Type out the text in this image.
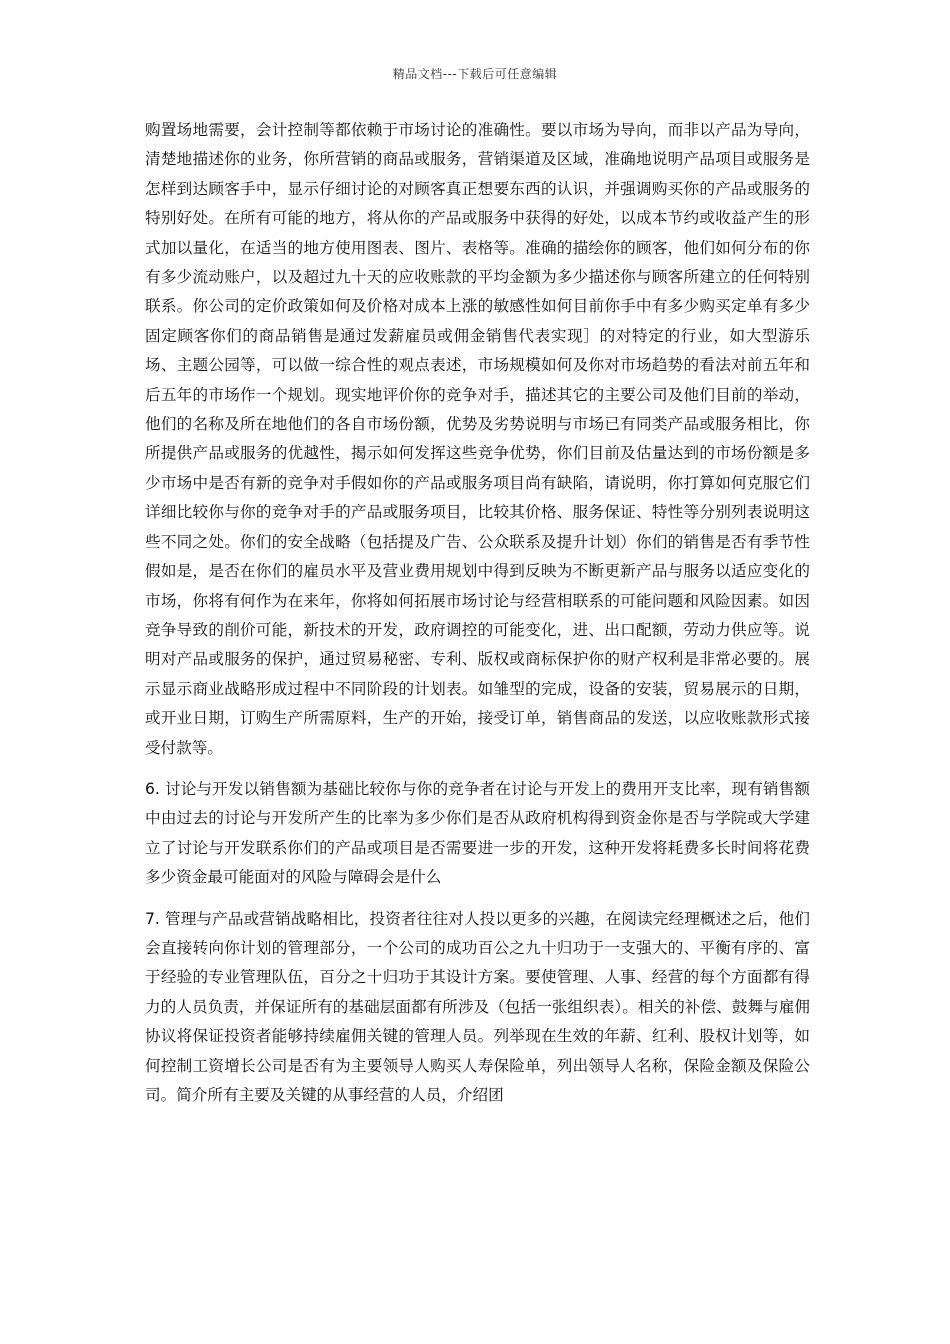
精品文档---下载后可任意编辑

购置场地需要，会计控制等都依赖于市场讨论的准确性。要以市场为导向，而非以产品为导向，清楚地描述你的业务，你所营销的商品或服务，营销渠道及区域，准确地说明产品项目或服务是怎样到达顾客手中，显示仔细讨论的对顾客真正想要东西的认识，并强调购买你的产品或服务的特别好处。在所有可能的地方，将从你的产品或服务中获得的好处，以成本节约或收益产生的形式加以量化，在适当的地方使用图表、图片、表格等。准确的描绘你的顾客，他们如何分布的你有多少流动账户，以及超过九十天的应收账款的平均金额为多少描述你与顾客所建立的任何特别联系。你公司的定价政策如何及价格对成本上涨的敏感性如何目前你手中有多少购买定单有多少固定顾客你们的商品销售是通过发薪雇员或佣金销售代表实现］的对特定的行业，如大型游乐场、主题公园等，可以做一综合性的观点表述，市场规模如何及你对市场趋势的看法对前五年和后五年的市场作一个规划。现实地评价你的竞争对手，描述其它的主要公司及他们目前的举动，他们的名称及所在地他们的各自市场份额，优势及劣势说明与市场已有同类产品或服务相比，你所提供产品或服务的优越性，揭示如何发挥这些竞争优势，你们目前及估量达到的市场份额是多少市场中是否有新的竞争对手假如你的产品或服务项目尚有缺陷，请说明，你打算如何克服它们详细比较你与你的竞争对手的产品或服务项目，比较其价格、服务保证、特性等分别列表说明这些不同之处。你们的安全战略（包括提及广告、公众联系及提升计划）你们的销售是否有季节性假如是，是否在你们的雇员水平及营业费用规划中得到反映为不断更新产品与服务以适应变化的市场，你将有何作为在来年，你将如何拓展市场讨论与经营相联系的可能问题和风险因素。如因竞争导致的削价可能，新技术的开发，政府调控的可能变化，进、出口配额，劳动力供应等。说明对产品或服务的保护，通过贸易秘密、专利、版权或商标保护你的财产权利是非常必要的。展示显示商业战略形成过程中不同阶段的计划表。如雏型的完成，设备的安装，贸易展示的日期，或开业日期，订购生产所需原料，生产的开始，接受订单，销售商品的发送，以应收账款形式接受付款等。

6. 讨论与开发以销售额为基础比较你与你的竞争者在讨论与开发上的费用开支比率，现有销售额中由过去的讨论与开发所产生的比率为多少你们是否从政府机构得到资金你是否与学院或大学建立了讨论与开发联系你们的产品或项目是否需要进一步的开发，这种开发将耗费多长时间将花费多少资金最可能面对的风险与障碍会是什么

7. 管理与产品或营销战略相比，投资者往往对人投以更多的兴趣，在阅读完经理概述之后，他们会直接转向你计划的管理部分，一个公司的成功百公之九十归功于一支强大的、平衡有序的、富于经验的专业管理队伍，百分之十归功于其设计方案。要使管理、人事、经营的每个方面都有得力的人员负责，并保证所有的基础层面都有所涉及（包括一张组织表）。相关的补偿、鼓舞与雇佣协议将保证投资者能够持续雇佣关键的管理人员。列举现在生效的年薪、红利、股权计划等，如何控制工资增长公司是否有为主要领导人购买人寿保险单，列出领导人名称，保险金额及保险公司。简介所有主要及关键的从事经营的人员，介绍团
